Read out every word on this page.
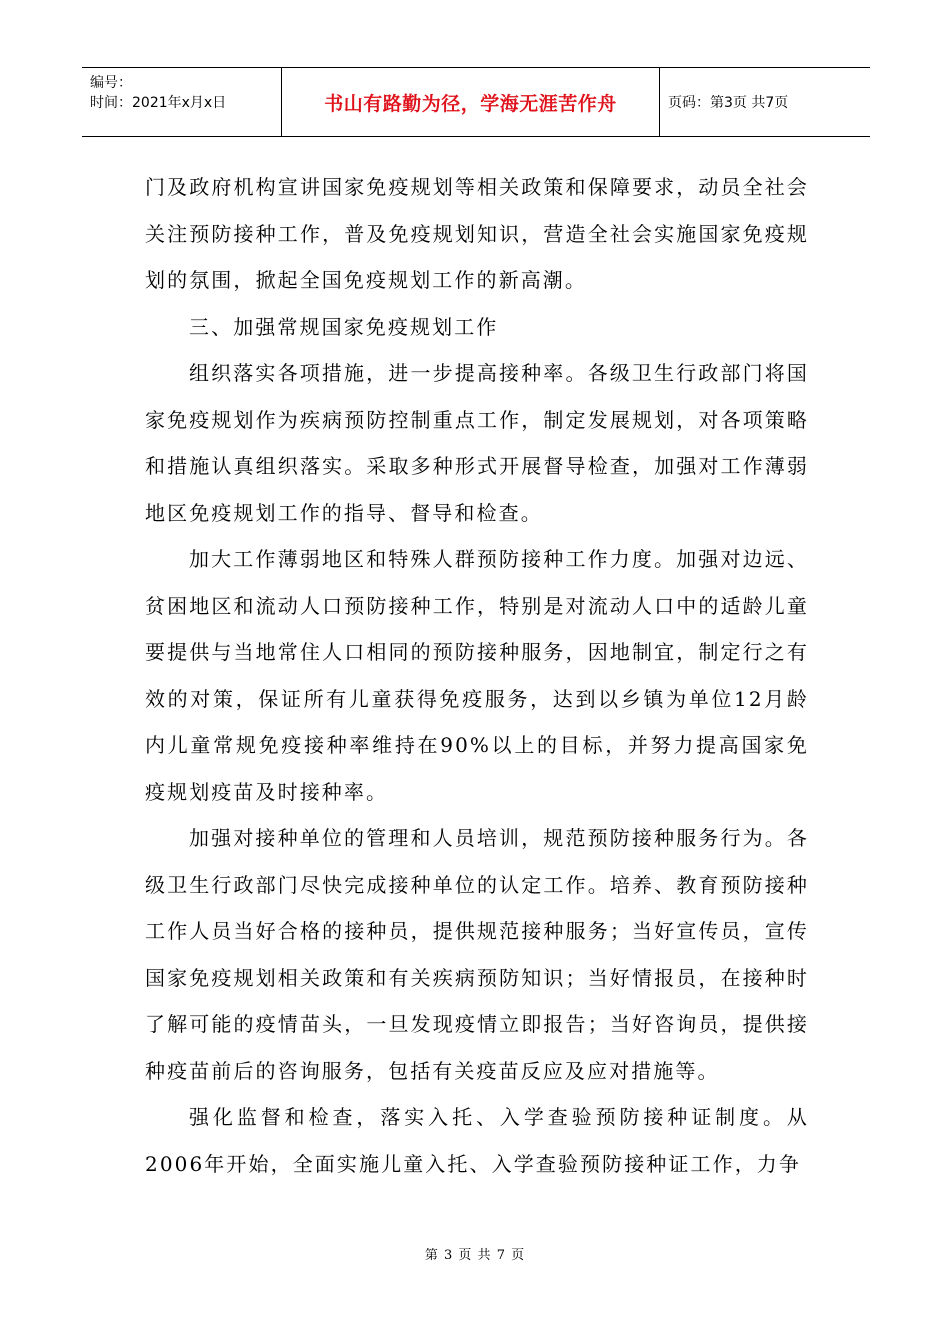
编号：
时间：2021年x月x日	书山有路勤为径，学海无涯苦作舟	页码：第3页 共7页

门及政府机构宣讲国家免疫规划等相关政策和保障要求，动员全社会关注预防接种工作，普及免疫规划知识，营造全社会实施国家免疫规划的氛围，掀起全国免疫规划工作的新高潮。

三、加强常规国家免疫规划工作

组织落实各项措施，进一步提高接种率。各级卫生行政部门将国家免疫规划作为疾病预防控制重点工作，制定发展规划，对各项策略和措施认真组织落实。采取多种形式开展督导检查，加强对工作薄弱地区免疫规划工作的指导、督导和检查。

加大工作薄弱地区和特殊人群预防接种工作力度。加强对边远、贫困地区和流动人口预防接种工作，特别是对流动人口中的适龄儿童要提供与当地常住人口相同的预防接种服务，因地制宜，制定行之有效的对策，保证所有儿童获得免疫服务，达到以乡镇为单位12月龄内儿童常规免疫接种率维持在90%以上的目标，并努力提高国家免疫规划疫苗及时接种率。

加强对接种单位的管理和人员培训，规范预防接种服务行为。各级卫生行政部门尽快完成接种单位的认定工作。培养、教育预防接种工作人员当好合格的接种员，提供规范接种服务；当好宣传员，宣传国家免疫规划相关政策和有关疾病预防知识；当好情报员，在接种时了解可能的疫情苗头，一旦发现疫情立即报告；当好咨询员，提供接种疫苗前后的咨询服务，包括有关疫苗反应及应对措施等。

强化监督和检查，落实入托、入学查验预防接种证制度。从2006年开始，全面实施儿童入托、入学查验预防接种证工作，力争

第 3 页 共 7 页
